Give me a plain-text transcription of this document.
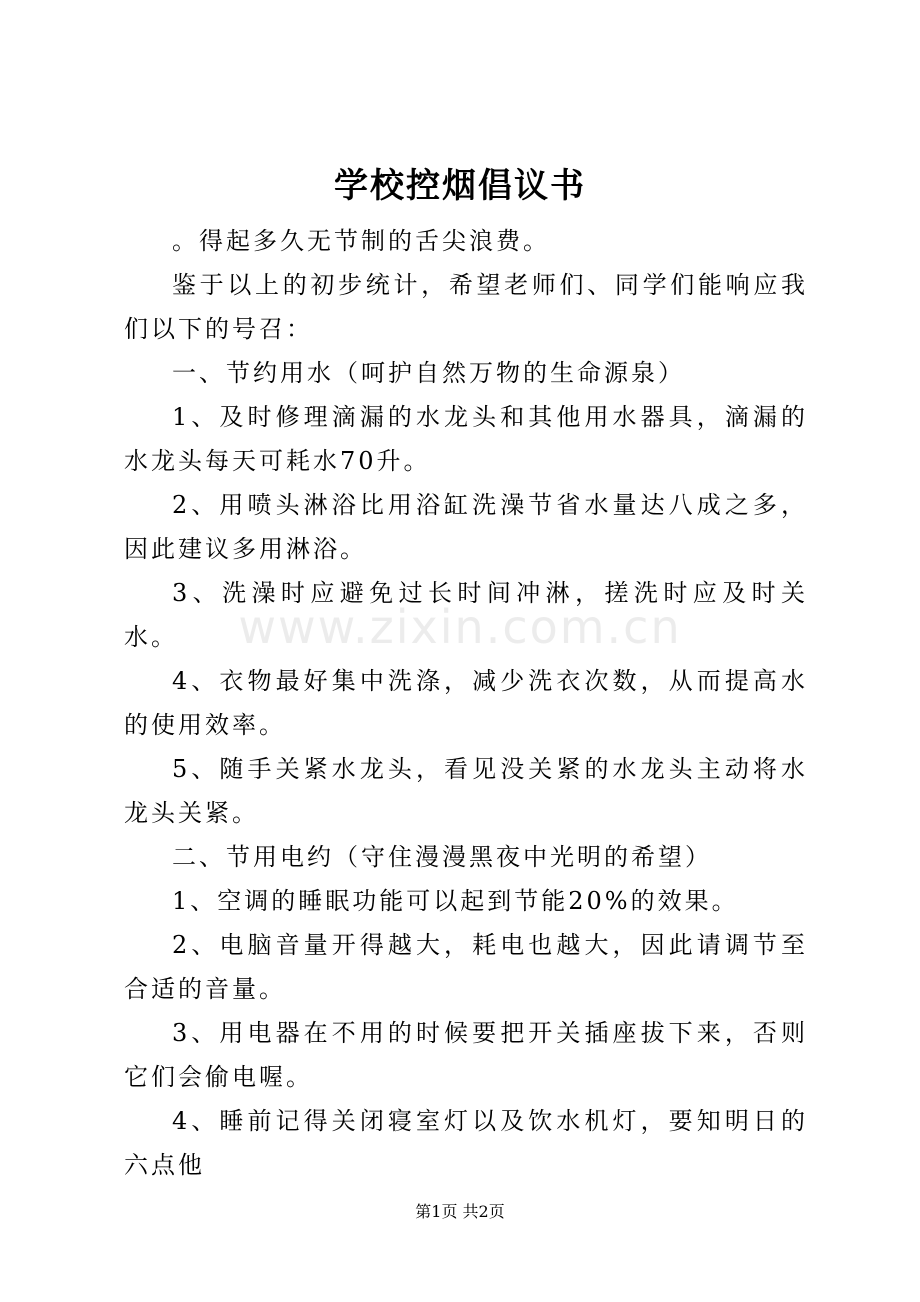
学校控烟倡议书

。得起多久无节制的舌尖浪费。

鉴于以上的初步统计，希望老师们、同学们能响应我们以下的号召：

一、节约用水（呵护自然万物的生命源泉）

1、及时修理滴漏的水龙头和其他用水器具，滴漏的水龙头每天可耗水70升。

2、用喷头淋浴比用浴缸洗澡节省水量达八成之多，因此建议多用淋浴。

3、洗澡时应避免过长时间冲淋，搓洗时应及时关水。

4、衣物最好集中洗涤，减少洗衣次数，从而提高水的使用效率。

5、随手关紧水龙头，看见没关紧的水龙头主动将水龙头关紧。

二、节用电约（守住漫漫黑夜中光明的希望）

1、空调的睡眠功能可以起到节能20%的效果。

2、电脑音量开得越大，耗电也越大，因此请调节至合适的音量。

3、用电器在不用的时候要把开关插座拔下来，否则它们会偷电喔。

4、睡前记得关闭寝室灯以及饮水机灯，要知明日的六点他

www.zixin.com.cn
第1页 共2页
